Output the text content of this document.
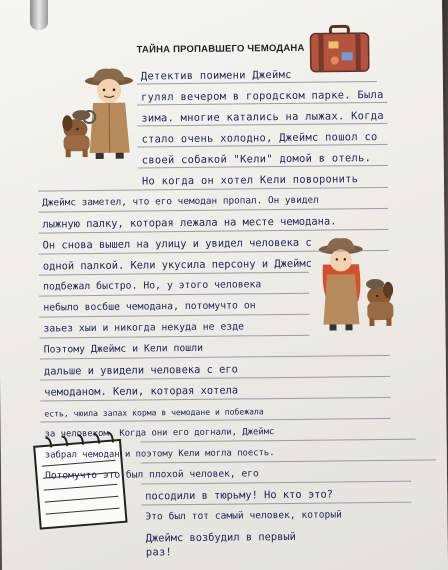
ТАЙНА ПРОПАВШЕГО ЧЕМОДАНА
Детектив поимени Джеймс
гулял вечером в городском парке. Была
зима. многие катались на лыжах. Когда
стало очень холодно, Джеймс пошол со
своей собакой "Кели" домой в отель.
Но когда он хотел Кели поворонить
Джеймс заметел, что его чемодан пропал. Он увидел
лыжную палку, которая лежала на месте чемодана.
Он снова вышел на улицу и увидел человека с
одной палкой. Кели укусила персону и Джеймс
подбежал быстро. Но, у этого человека
небыло восбше чемодана, потомучто он
заьез хыи и никогда некуда не езде
Поэтому Джеймс и Кели пошли
дальше и увидели человека с его
чемоданом. Кели, которая хотела
есть, чюила запах корма в чемодане и побежала
за человеком. Когда они его догнали, Джеймс
забрал чемодан и поэтому Кели могла поесть.
Потомучто это был плохой человек, его
посодили в тюрьму! Но кто это?
Это был тот самый человек, который
Джеймс возбудил в первый
раз!
